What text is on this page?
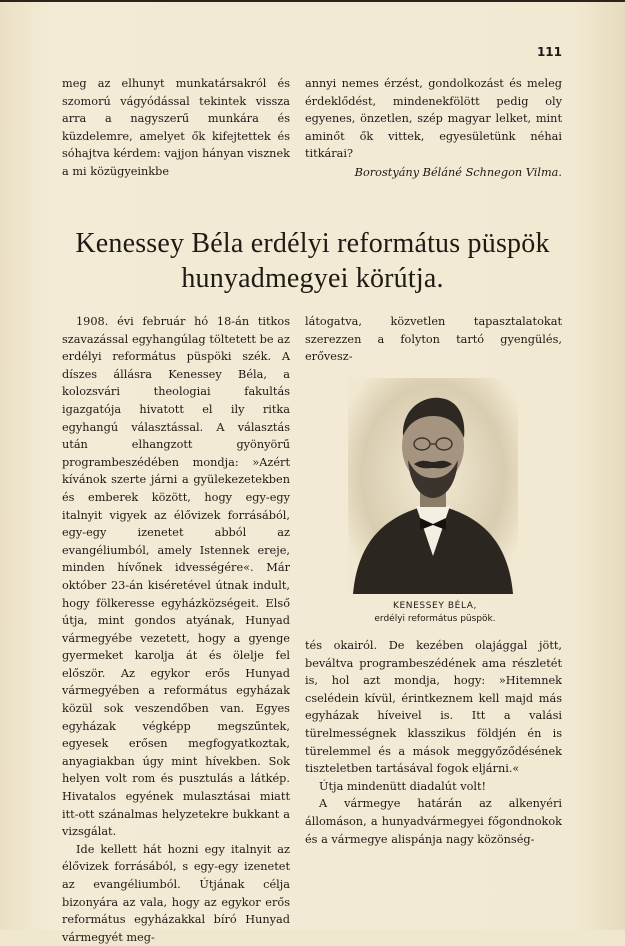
111

meg az elhunyt munkatársakról és szomorú vágyódással tekintek vissza arra a nagyszerű munkára és küzdelemre, amelyet ők kifejtettek és sóhajtva kérdem: vajjon hányan visznek a mi közügyeinkbe

annyi nemes érzést, gondolkozást és meleg érdeklődést, mindenekfölött pedig oly egyenes, önzetlen, szép magyar lelket, mint aminőt ők vittek, egyesületünk néhai titkárai?

Borostyány Béláné Schnegon Vilma.

Kenessey Béla erdélyi református püspök
hunyadmegyei körútja.

1908. évi február hó 18-án titkos szavazással egyhangúlag töltetett be az erdélyi református püspöki szék. A díszes állásra Kenessey Béla, a kolozsvári theologiai fakultás igazgatója hivatott el ily ritka egyhangú választással. A választás után elhangzott gyönyörű programbeszédében mondja: »Azért kívánok szerte járni a gyülekezetekben és emberek között, hogy egy-egy italnyit vigyek az élővizek forrásából, egy-egy izenetet abból az evangéliumból, amely Istennek ereje, minden hívőnek idvességére«. Már október 23-án kiséretével útnak indult, hogy fölkeresse egyházközségeit. Első útja, mint gondos atyának, Hunyad vármegyébe vezetett, hogy a gyenge gyermeket karolja át és ölelje fel először. Az egykor erős Hunyad vármegyében a református egyházak közül sok veszendőben van. Egyes egyházak végképp megszűntek, egyesek erősen megfogyatkoztak, anyagiakban úgy mint hívekben. Sok helyen volt rom és pusztulás a látkép. Hivatalos egyének mulasztásai miatt itt-ott szánalmas helyzetekre bukkant a vizsgálat.

Ide kellett hát hozni egy italnyit az élővizek forrásából, s egy-egy izenetet az evangéliumból. Útjának célja bizonyára az vala, hogy az egykor erős református egyházakkal bíró Hunyad vármegyét meg-

látogatva, közvetlen tapasztalatokat szerezzen a folyton tartó gyengülés, erővesz-

KENESSEY BÉLA,
erdélyi református püspök.

tés okairól. De kezében olajággal jött, beváltva programbeszédének ama részletét is, hol azt mondja, hogy: »Hitemnek cselédein kívül, érintkeznem kell majd más egyházak híveivel is. Itt a valási türelmességnek klasszikus földjén én is türelemmel és a mások meggyőződésének tiszteletben tartásával fogok eljárni.«

Útja mindenütt diadalút volt!

A vármegye határán az alkenyéri állomáson, a hunyadvármegyei főgondnokok és a vármegye alispánja nagy közönség-
